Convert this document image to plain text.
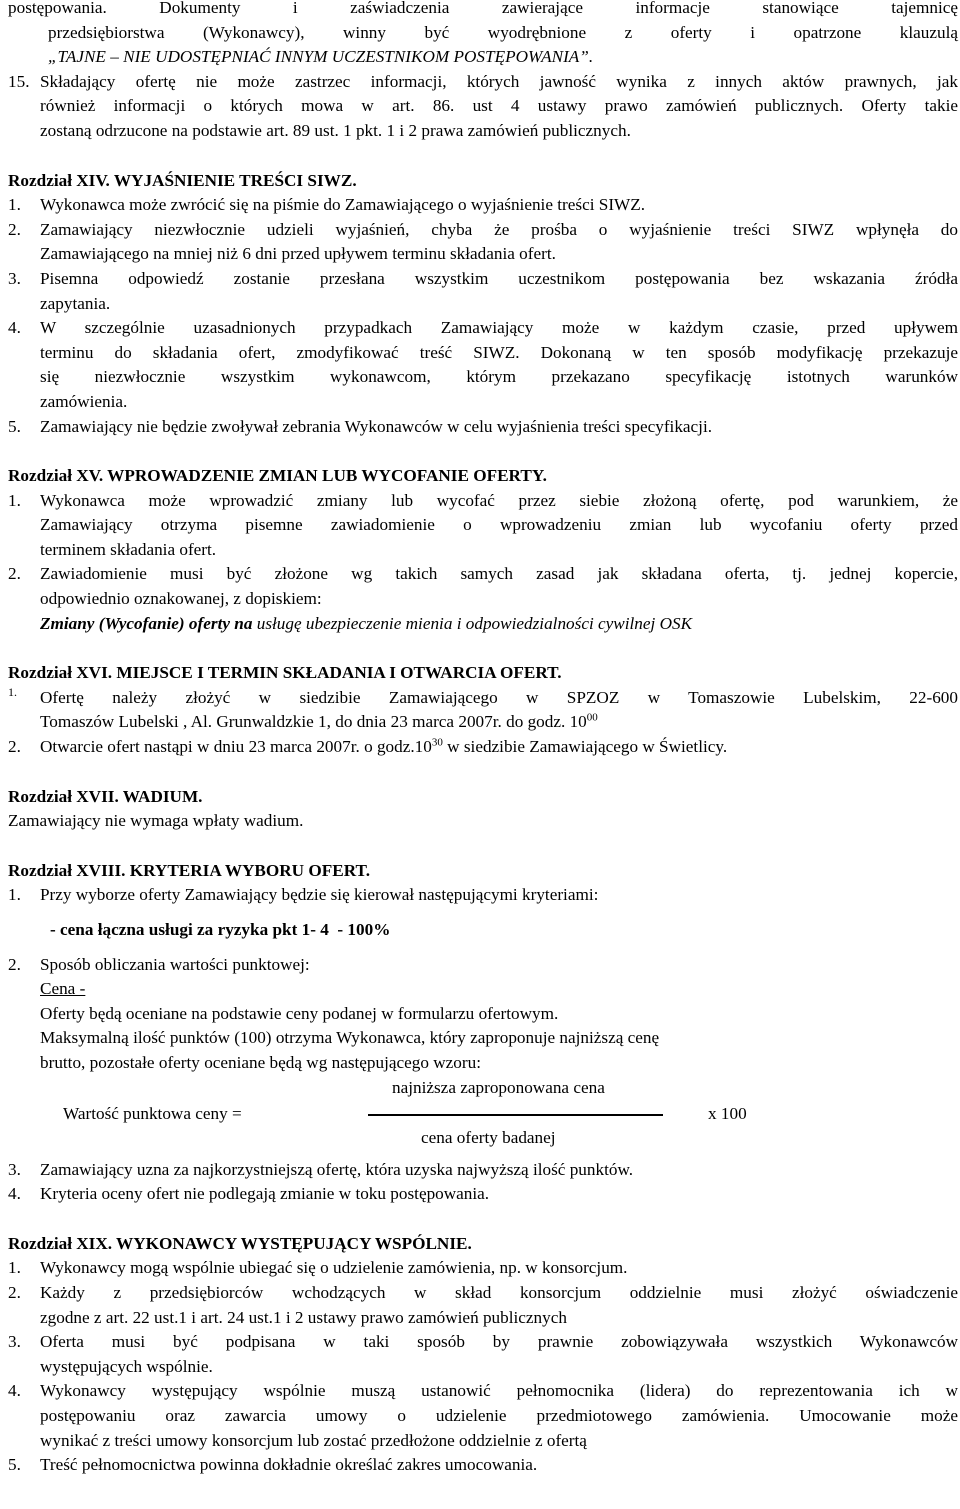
postępowania. Dokumenty i zaświadczenia zawierające informacje stanowiące tajemnicę
przedsiębiorstwa (Wykonawcy), winny być wyodrębnione z oferty i opatrzone klauzulą
„TAJNE – NIE UDOSTĘPNIAĆ INNYM UCZESTNIKOM POSTĘPOWANIA”.
15. Składający ofertę nie może zastrzec informacji, których jawność wynika z innych aktów prawnych, jak
również informacji o których mowa w art. 86. ust 4 ustawy prawo zamówień publicznych. Oferty takie
zostaną odrzucone na podstawie art. 89 ust. 1 pkt. 1 i 2 prawa zamówień publicznych.
Rozdział XIV. WYJAŚNIENIE TREŚCI SIWZ.
1. Wykonawca może zwrócić się na piśmie do Zamawiającego o wyjaśnienie treści SIWZ.
2. Zamawiający niezwłocznie udzieli wyjaśnień, chyba że prośba o wyjaśnienie treści SIWZ wpłynęła do
Zamawiającego na mniej niż 6 dni przed upływem terminu składania ofert.
3. Pisemna odpowiedź zostanie przesłana wszystkim uczestnikom postępowania bez wskazania źródła
zapytania.
4. W szczególnie uzasadnionych przypadkach Zamawiający może w każdym czasie, przed upływem
terminu do składania ofert, zmodyfikować treść SIWZ. Dokonaną w ten sposób modyfikację przekazuje
się niezwłocznie wszystkim wykonawcom, którym przekazano specyfikację istotnych warunków
zamówienia.
5. Zamawiający nie będzie zwoływał zebrania Wykonawców w celu wyjaśnienia treści specyfikacji.
Rozdział XV. WPROWADZENIE ZMIAN LUB WYCOFANIE OFERTY.
1. Wykonawca może wprowadzić zmiany lub wycofać przez siebie złożoną ofertę, pod warunkiem, że
Zamawiający otrzyma pisemne zawiadomienie o wprowadzeniu zmian lub wycofaniu oferty przed
terminem składania ofert.
2. Zawiadomienie musi być złożone wg takich samych zasad jak składana oferta, tj. jednej kopercie,
odpowiednio oznakowanej, z dopiskiem:
Zmiany (Wycofanie) oferty na usługę ubezpieczenie mienia i odpowiedzialności cywilnej OSK
Rozdział XVI. MIEJSCE I TERMIN SKŁADANIA I OTWARCIA OFERT.
1. Ofertę należy złożyć w siedzibie Zamawiającego w SPZOZ w Tomaszowie Lubelskim, 22-600
Tomaszów Lubelski , Al. Grunwaldzkie 1, do dnia 23 marca 2007r. do godz. $10^{00}$
2. Otwarcie ofert nastąpi w dniu 23 marca 2007r. o $godz.10^{30}$ w siedzibie Zamawiającego w Świetlicy.
Rozdział XVII. WADIUM.
Zamawiający nie wymaga wpłaty wadium.
Rozdział XVIII. KRYTERIA WYBORU OFERT.
1. Przy wyborze oferty Zamawiający będzie się kierował następującymi kryteriami:
- cena łączna usługi za ryzyka pkt 1- 4  - 100%
2. Sposób obliczania wartości punktowej:
Cena -
Oferty będą oceniane na podstawie ceny podanej w formularzu ofertowym.
Maksymalną ilość punktów (100) otrzyma Wykonawca, który zaproponuje najniższą cenę
brutto, pozostałe oferty oceniane będą wg następującego wzoru:
Wartość punktowa ceny =
najniższa zaproponowana cena
cena oferty badanej
x 100
3. Zamawiający uzna za najkorzystniejszą ofertę, która uzyska najwyższą ilość punktów.
4. Kryteria oceny ofert nie podlegają zmianie w toku postępowania.
Rozdział XIX. WYKONAWCY WYSTĘPUJĄCY WSPÓLNIE.
1. Wykonawcy mogą wspólnie ubiegać się o udzielenie zamówienia, np. w konsorcjum.
2. Każdy z przedsiębiorców wchodzących w skład konsorcjum oddzielnie musi złożyć oświadczenie
zgodne z art. 22 ust.1 i art. 24 ust.1 i 2 ustawy prawo zamówień publicznych
3. Oferta musi być podpisana w taki sposób by prawnie zobowiązywała wszystkich Wykonawców
występujących wspólnie.
4. Wykonawcy występujący wspólnie muszą ustanowić pełnomocnika (lidera) do reprezentowania ich w
postępowaniu oraz zawarcia umowy o udzielenie przedmiotowego zamówienia. Umocowanie może
wynikać z treści umowy konsorcjum lub zostać przedłożone oddzielnie z ofertą
5. Treść pełnomocnictwa powinna dokładnie określać zakres umocowania.
